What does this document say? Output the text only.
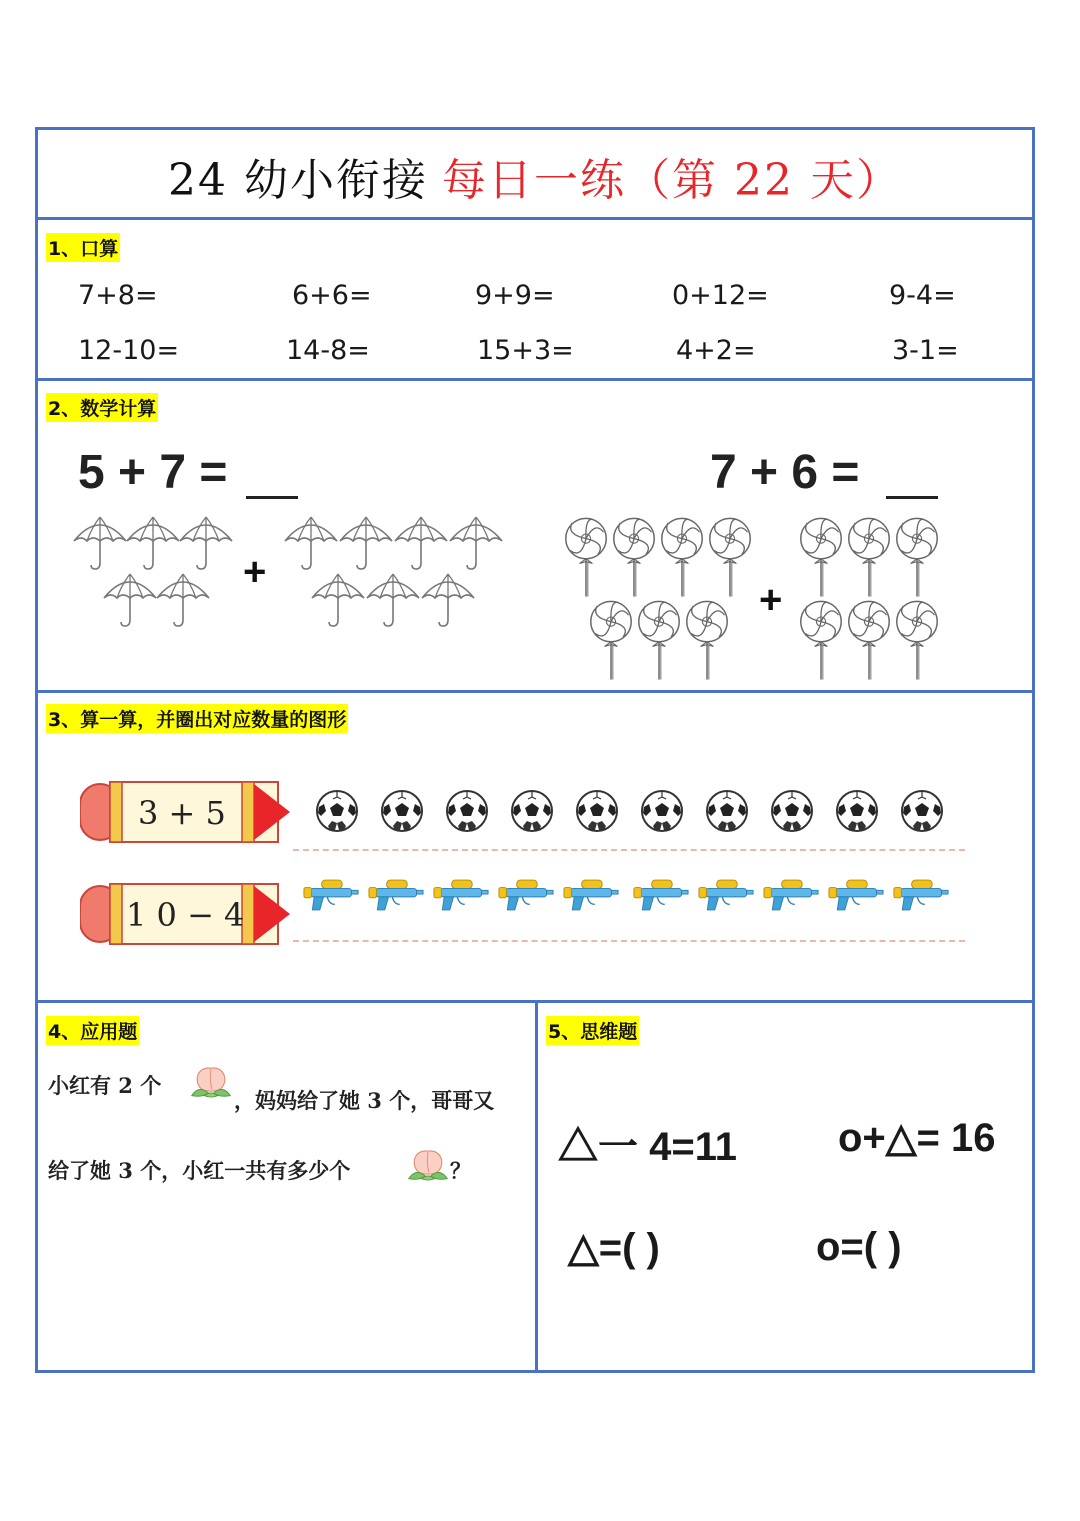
24 幼小衔接 每日一练（第 22 天）
1、口算
7+8=	6+6=	9+9=	0+12=	9-4=
12-10=	14-8=	15+3=	4+2=	3-1=
2、数学计算
5 + 7 =	7 + 6 =
+
+
3、算一算，并圈出对应数量的图形
3 + 5
1 0 − 4
4、应用题
小红有 2 个
，妈妈给了她 3 个，哥哥又
给了她 3 个，小红一共有多少个	？
5、思维题
△一 4=11	o+△= 16
△=( )	o=( )
